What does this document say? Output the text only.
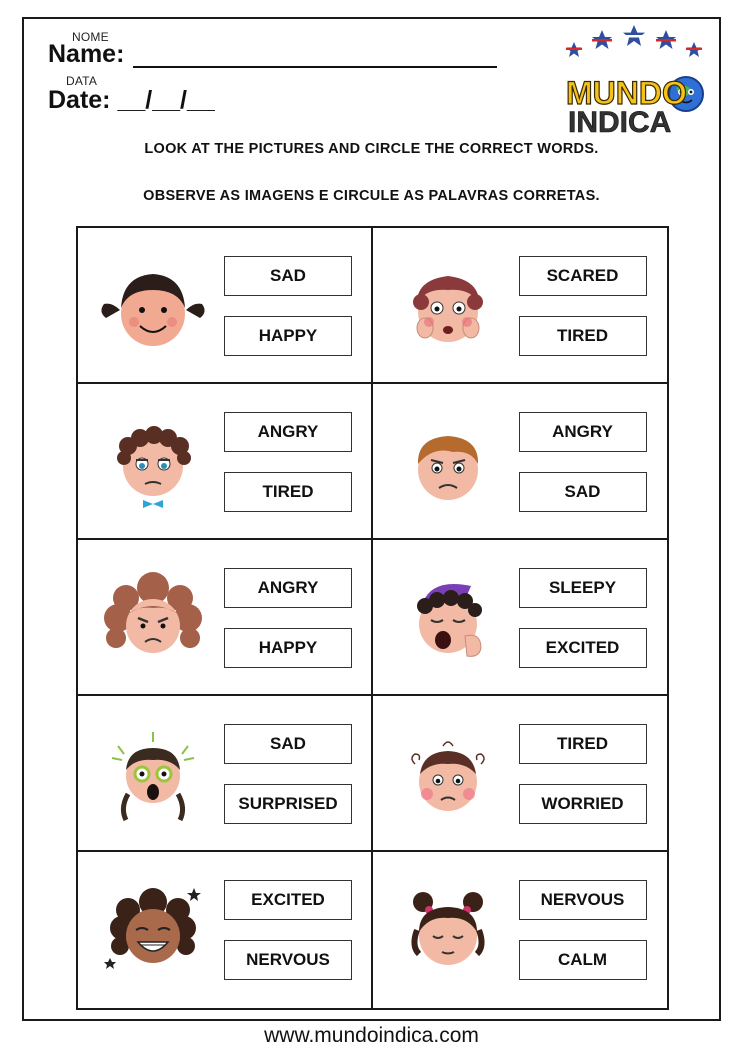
NOME
Name:
DATA
Date: __/__/__	MUNDO
INDICA
LOOK AT THE PICTURES AND CIRCLE THE CORRECT WORDS.
OBSERVE AS IMAGENS E CIRCULE AS PALAVRAS CORRETAS.
SAD
HAPPY
SCARED
TIRED
ANGRY
TIRED
ANGRY
SAD
ANGRY
HAPPY
SLEEPY
EXCITED
SAD
SURPRISED
TIRED
WORRIED
EXCITED
NERVOUS
NERVOUS
CALM
www.mundoindica.com
